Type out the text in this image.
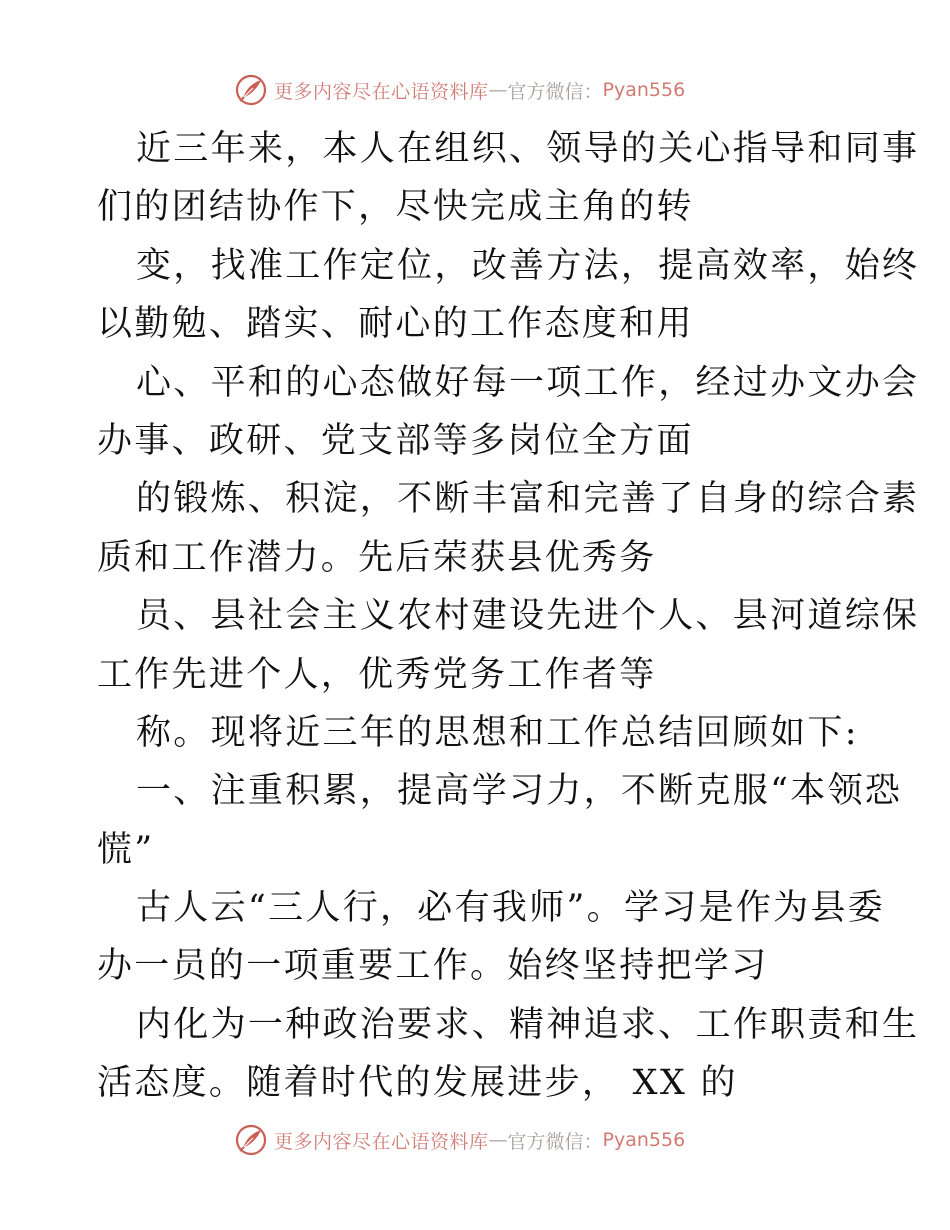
更多内容尽在心语资料库 — 官方微信： Pyan556
近三年来，本人在组织、领导的关心指导和同事
们的团结协作下，尽快完成主角的转
变，找准工作定位，改善方法，提高效率，始终
以勤勉、踏实、耐心的工作态度和用
心、平和的心态做好每一项工作，经过办文办会
办事、政研、党支部等多岗位全方面
的锻炼、积淀，不断丰富和完善了自身的综合素
质和工作潜力。先后荣获县优秀务
员、县社会主义农村建设先进个人、县河道综保
工作先进个人，优秀党务工作者等
称。现将近三年的思想和工作总结回顾如下:
一、注重积累，提高学习力，不断克服“本领恐
慌”
古人云“三人行，必有我师”。学习是作为县委
办一员的一项重要工作。始终坚持把学习
内化为一种政治要求、精神追求、工作职责和生
活态度。随着时代的发展进步， XX 的
更多内容尽在心语资料库 — 官方微信： Pyan556
